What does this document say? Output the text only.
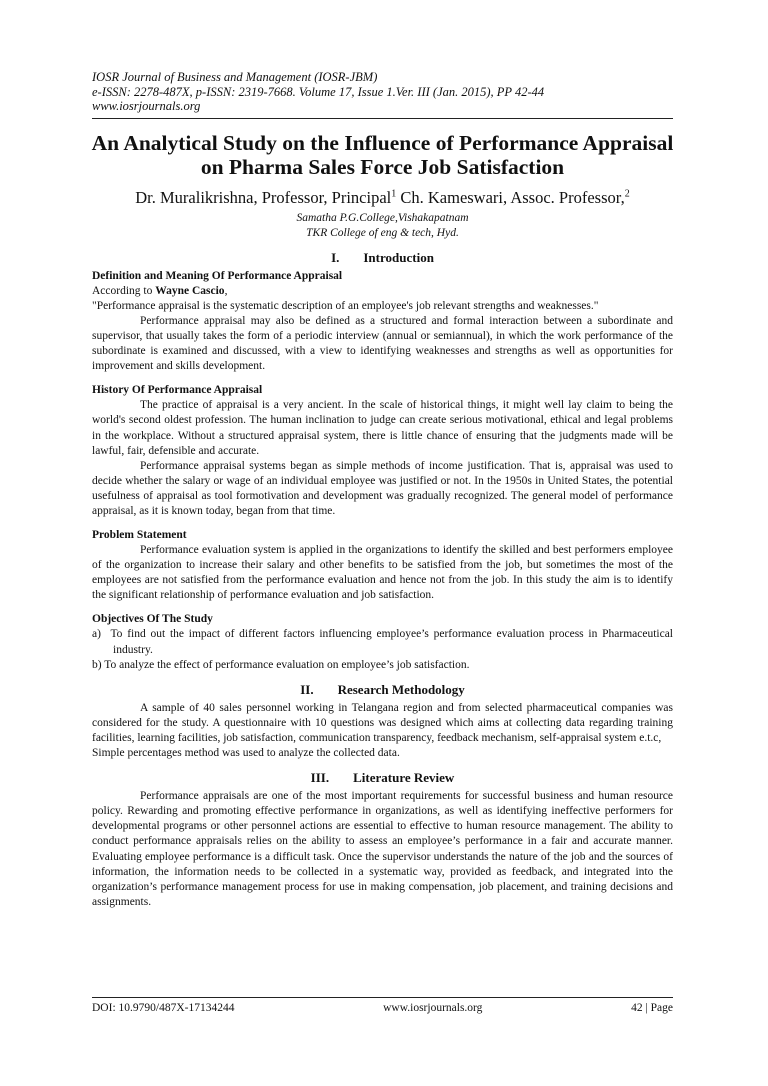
IOSR Journal of Business and Management (IOSR-JBM)
e-ISSN: 2278-487X, p-ISSN: 2319-7668. Volume 17, Issue 1.Ver. III (Jan. 2015), PP 42-44
www.iosrjournals.org
An Analytical Study on the Influence of Performance Appraisal
on Pharma Sales Force Job Satisfaction
Dr. Muralikrishna, Professor, Principal$^1$ Ch. Kameswari, Assoc. Professor,$^2$
Samatha P.G.College,Vishakapatnam
TKR College of eng & tech, Hyd.
I. Introduction
Definition and Meaning Of Performance Appraisal

According to Wayne Cascio,

"Performance appraisal is the systematic description of an employee's job relevant strengths and weaknesses."

Performance appraisal may also be defined as a structured and formal interaction between a subordinate and supervisor, that usually takes the form of a periodic interview (annual or semiannual), in which the work performance of the subordinate is examined and discussed, with a view to identifying weaknesses and strengths as well as opportunities for improvement and skills development.

History Of Performance Appraisal

The practice of appraisal is a very ancient. In the scale of historical things, it might well lay claim to being the world's second oldest profession. The human inclination to judge can create serious motivational, ethical and legal problems in the workplace. Without a structured appraisal system, there is little chance of ensuring that the judgments made will be lawful, fair, defensible and accurate.

Performance appraisal systems began as simple methods of income justification. That is, appraisal was used to decide whether the salary or wage of an individual employee was justified or not. In the 1950s in United States, the potential usefulness of appraisal as tool formotivation and development was gradually recognized. The general model of performance appraisal, as it is known today, began from that time.

Problem Statement

Performance evaluation system is applied in the organizations to identify the skilled and best performers employee of the organization to increase their salary and other benefits to be satisfied from the job, but sometimes the most of the employees are not satisfied from the performance evaluation and hence not from the job. In this study the aim is to identify the significant relationship of performance evaluation and job satisfaction.

Objectives Of The Study
a)  To find out the impact of different factors influencing employee’s performance evaluation process in Pharmaceutical industry.
b) To analyze the effect of performance evaluation on employee’s job satisfaction.
II. Research Methodology

A sample of 40 sales personnel working in Telangana region and from selected pharmaceutical companies was considered for the study. A questionnaire with 10 questions was designed which aims at collecting data regarding training facilities, learning facilities, job satisfaction, communication transparency, feedback mechanism, self-appraisal system e.t.c,

Simple percentages method was used to analyze the collected data.

III. Literature Review

Performance appraisals are one of the most important requirements for successful business and human resource policy. Rewarding and promoting effective performance in organizations, as well as identifying ineffective performers for developmental programs or other personnel actions are essential to effective to human resource management. The ability to conduct performance appraisals relies on the ability to assess an employee’s performance in a fair and accurate manner. Evaluating employee performance is a difficult task. Once the supervisor understands the nature of the job and the sources of information, the information needs to be collected in a systematic way, provided as feedback, and integrated into the organization’s performance management process for use in making compensation, job placement, and training decisions and assignments.

DOI: 10.9790/487X-17134244	www.iosrjournals.org	42 | Page
